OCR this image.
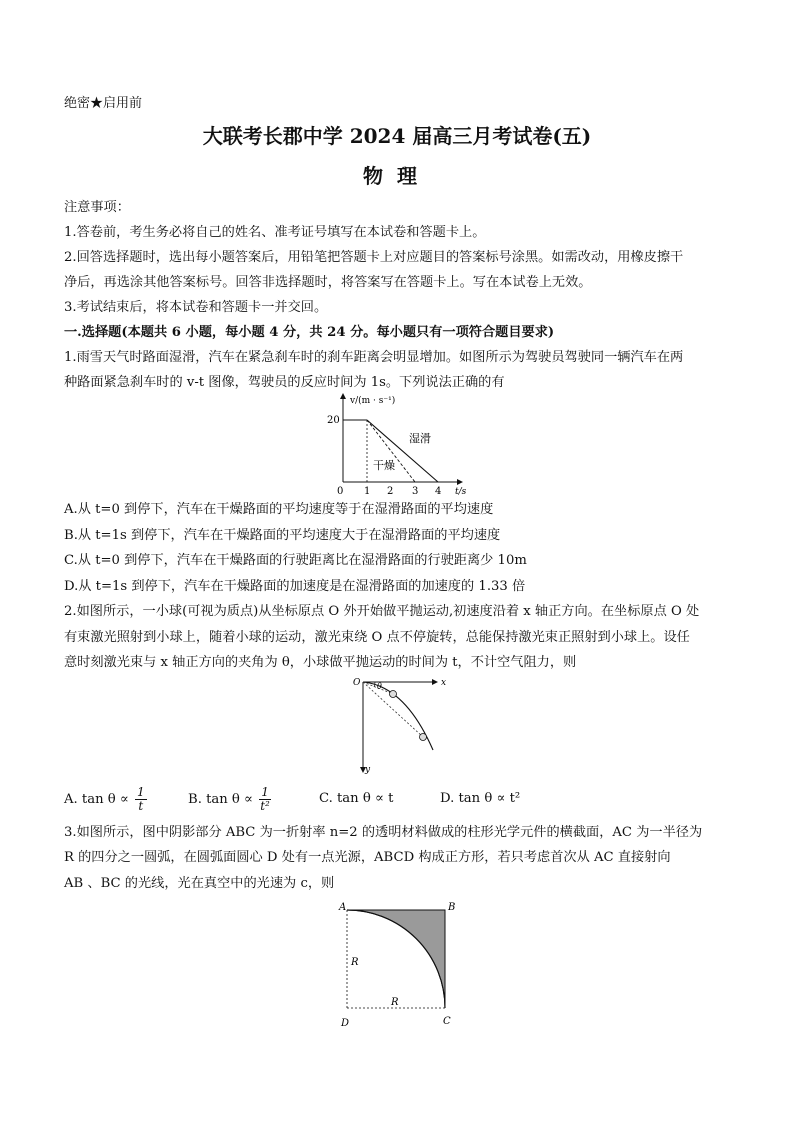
绝密★启用前
大联考长郡中学 2024 届高三月考试卷(五)
物理
注意事项：
1.答卷前，考生务必将自己的姓名、准考证号填写在本试卷和答题卡上。
2.回答选择题时，选出每小题答案后，用铅笔把答题卡上对应题目的答案标号涂黑。如需改动，用橡皮擦干
净后，再选涂其他答案标号。回答非选择题时，将答案写在答题卡上。写在本试卷上无效。
3.考试结束后，将本试卷和答题卡一并交回。
一.选择题(本题共 6 小题，每小题 4 分，共 24 分。每小题只有一项符合题目要求)
1.雨雪天气时路面湿滑，汽车在紧急刹车时的刹车距离会明显增加。如图所示为驾驶员驾驶同一辆汽车在两
种路面紧急刹车时的 v-t 图像，驾驶员的反应时间为 1s。下列说法正确的有
v/(m · s⁻¹)
t/s
20
湿滑
干燥
0 1 2 3 4
A.从 t=0 到停下，汽车在干燥路面的平均速度等于在湿滑路面的平均速度
B.从 t=1s 到停下，汽车在干燥路面的平均速度大于在湿滑路面的平均速度
C.从 t=0 到停下，汽车在干燥路面的行驶距离比在湿滑路面的行驶距离少 10m
D.从 t=1s 到停下，汽车在干燥路面的加速度是在湿滑路面的加速度的 1.33 倍
2.如图所示，一小球(可视为质点)从坐标原点 O 外开始做平抛运动,初速度沿着 x 轴正方向。在坐标原点 O 处
有束激光照射到小球上，随着小球的运动，激光束绕 O 点不停旋转，总能保持激光束正照射到小球上。设任
意时刻激光束与 x 轴正方向的夹角为 θ，小球做平抛运动的时间为 t，不计空气阻力，则
O	x
y
θ
A. $\tan \theta \propto \frac{1}{t}$	B. $\tan \theta \propto \frac{1}{\text{t²}}$	C. tan θ ∝ t	D. tan θ ∝ t²
3.如图所示，图中阴影部分 ABC 为一折射率 n=2 的透明材料做成的柱形光学元件的横截面，AC 为一半径为
R 的四分之一圆弧，在圆弧面圆心 D 处有一点光源，ABCD 构成正方形，若只考虑首次从 AC 直接射向
AB 、BC 的光线，光在真空中的光速为 c，则
A	B
C
D
R
R
